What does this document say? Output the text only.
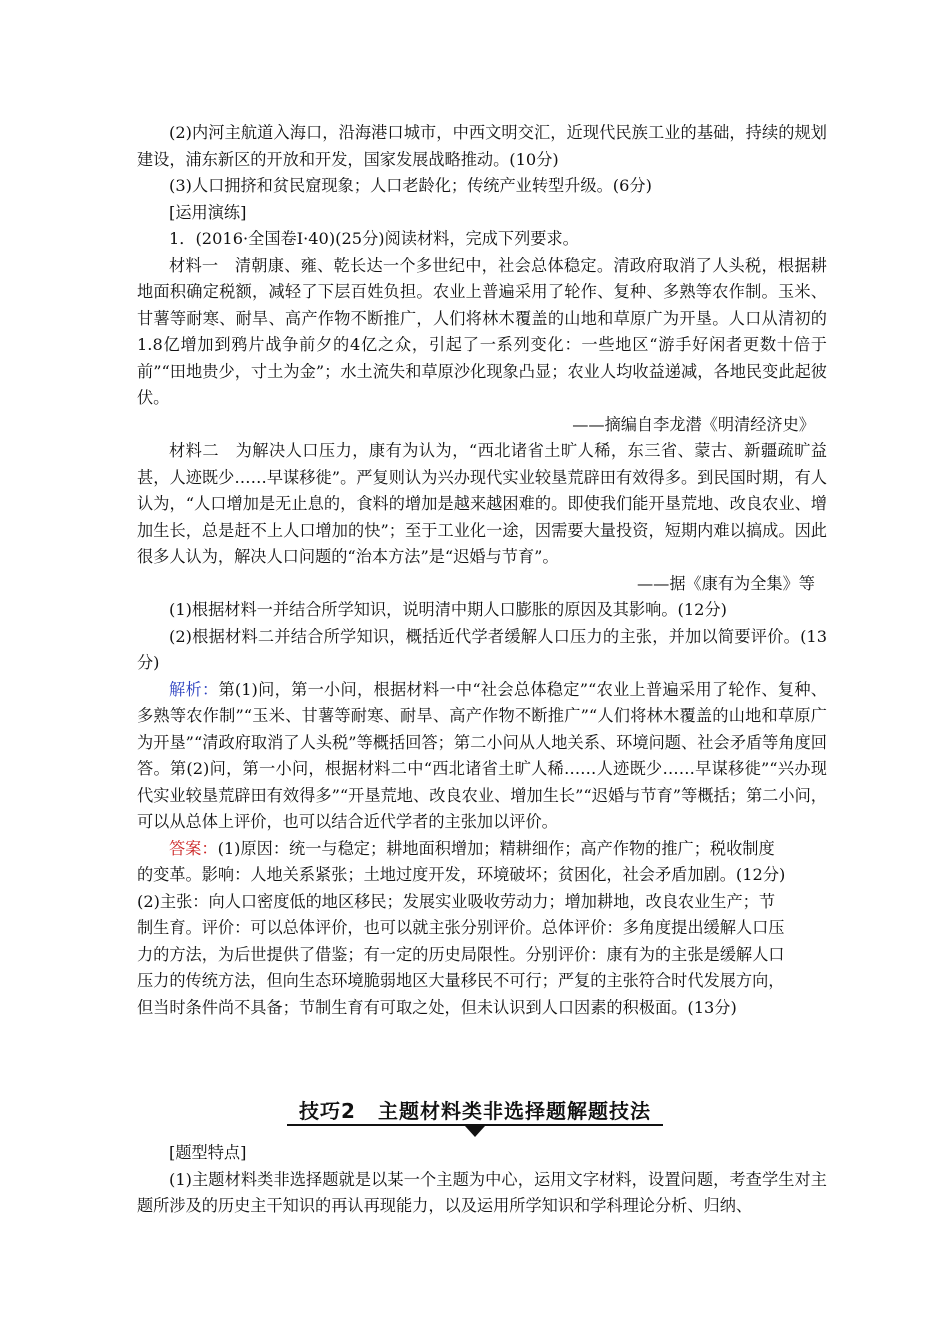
(2)内河主航道入海口，沿海港口城市，中西文明交汇，近现代民族工业的基础，持续的规划建设，浦东新区的开放和开发，国家发展战略推动。(10分)

(3)人口拥挤和贫民窟现象；人口老龄化；传统产业转型升级。(6分)

[运用演练]

1．(2016·全国卷Ⅰ·40)(25分)阅读材料，完成下列要求。

材料一　清朝康、雍、乾长达一个多世纪中，社会总体稳定。清政府取消了人头税，根据耕地面积确定税额，减轻了下层百姓负担。农业上普遍采用了轮作、复种、多熟等农作制。玉米、甘薯等耐寒、耐旱、高产作物不断推广，人们将林木覆盖的山地和草原广为开垦。人口从清初的1.8亿增加到鸦片战争前夕的4亿之众，引起了一系列变化：一些地区“游手好闲者更数十倍于前”“田地贵少，寸土为金”；水土流失和草原沙化现象凸显；农业人均收益递减，各地民变此起彼伏。

——摘编自李龙潜《明清经济史》

材料二　为解决人口压力，康有为认为，“西北诸省土旷人稀，东三省、蒙古、新疆疏旷益甚，人迹既少……早谋移徙”。严复则认为兴办现代实业较垦荒辟田有效得多。到民国时期，有人认为，“人口增加是无止息的，食料的增加是越来越困难的。即使我们能开垦荒地、改良农业、增加生长，总是赶不上人口增加的快”；至于工业化一途，因需要大量投资，短期内难以搞成。因此很多人认为，解决人口问题的“治本方法”是“迟婚与节育”。

——据《康有为全集》等

(1)根据材料一并结合所学知识，说明清中期人口膨胀的原因及其影响。(12分)

(2)根据材料二并结合所学知识，概括近代学者缓解人口压力的主张，并加以简要评价。(13分)

解析：第(1)问，第一小问，根据材料一中“社会总体稳定”“农业上普遍采用了轮作、复种、多熟等农作制”“玉米、甘薯等耐寒、耐旱、高产作物不断推广”“人们将林木覆盖的山地和草原广为开垦”“清政府取消了人头税”等概括回答；第二小问从人地关系、环境问题、社会矛盾等角度回答。第(2)问，第一小问，根据材料二中“西北诸省土旷人稀……人迹既少……早谋移徙”“兴办现代实业较垦荒辟田有效得多”“开垦荒地、改良农业、增加生长”“迟婚与节育”等概括；第二小问，可以从总体上评价，也可以结合近代学者的主张加以评价。

答案：(1)原因：统一与稳定；耕地面积增加；精耕细作；高产作物的推广；税收制度

的变革。影响：人地关系紧张；土地过度开发，环境破坏；贫困化，社会矛盾加剧。(12分)

(2)主张：向人口密度低的地区移民；发展实业吸收劳动力；增加耕地，改良农业生产；节

制生育。评价：可以总体评价，也可以就主张分别评价。总体评价：多角度提出缓解人口压

力的方法，为后世提供了借鉴；有一定的历史局限性。分别评价：康有为的主张是缓解人口

压力的传统方法，但向生态环境脆弱地区大量移民不可行；严复的主张符合时代发展方向，

但当时条件尚不具备；节制生育有可取之处，但未认识到人口因素的积极面。(13分)

技巧2 主题材料类非选择题解题技法

[题型特点]

(1)主题材料类非选择题就是以某一个主题为中心，运用文字材料，设置问题，考查学生对主题所涉及的历史主干知识的再认再现能力，以及运用所学知识和学科理论分析、归纳、
